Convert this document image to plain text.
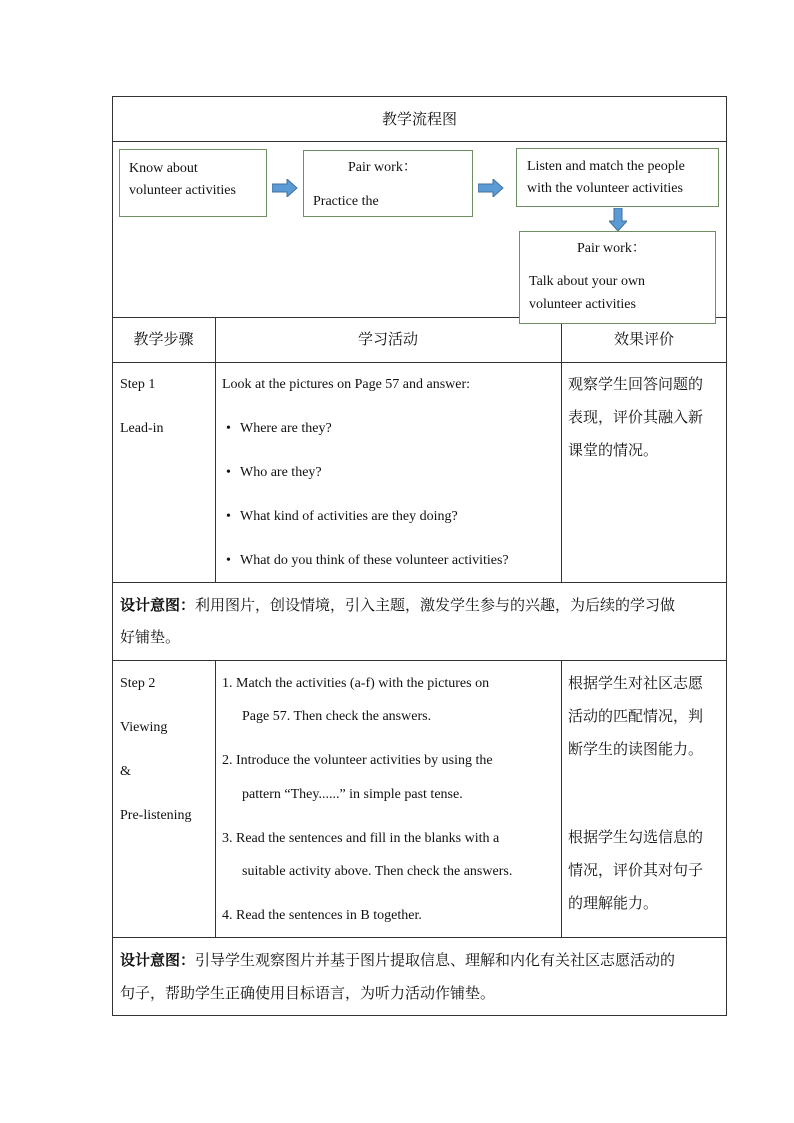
教学流程图
Know about
volunteer activities
Pair work：
Practice the
Listen and match the people
with the volunteer activities
Pair work：
Talk about your own
volunteer activities
教学步骤	学习活动	效果评价
Step 1
Lead-in
Look at the pictures on Page 57 and answer:
• Where are they?
• Who are they?
• What kind of activities are they doing?
• What do you think of these volunteer activities?
观察学生回答问题的
表现，评价其融入新
课堂的情况。
设计意图：利用图片，创设情境，引入主题，激发学生参与的兴趣，为后续的学习做
好铺垫。
Step 2
Viewing
&
Pre-listening
1. Match the activities (a-f) with the pictures on
Page 57. Then check the answers.
2. Introduce the volunteer activities by using the
pattern “They......” in simple past tense.
3. Read the sentences and fill in the blanks with a
suitable activity above. Then check the answers.
4. Read the sentences in B together.
根据学生对社区志愿
活动的匹配情况，判
断学生的读图能力。
根据学生勾选信息的
情况，评价其对句子
的理解能力。
设计意图：引导学生观察图片并基于图片提取信息、理解和内化有关社区志愿活动的
句子，帮助学生正确使用目标语言，为听力活动作铺垫。
